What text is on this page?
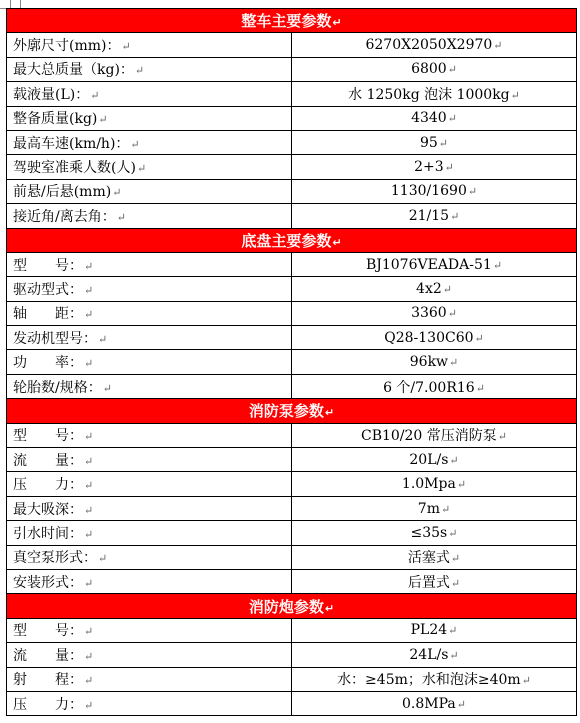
整车主要参数↵	
外廓尺寸(mm)：↵	6270X2050X2970↵
最大总质量（kg)：↵	6800↵
载液量(L)：↵	水 1250kg 泡沫 1000kg↵
整备质量(kg)↵	4340↵
最高车速(km/h)：↵	95↵
驾驶室准乘人数(人)↵	2+3↵
前悬/后悬(mm)↵	1130/1690↵
接近角/离去角：↵	21/15↵
底盘主要参数↵	
型　　号：↵	BJ1076VEADA-51↵
驱动型式：↵	4x2↵
轴　　距：↵	3360↵
发动机型号：↵	Q28-130C60↵
功　　率：↵	96kw↵
轮胎数/规格：↵	6 个/7.00R16↵
消防泵参数↵	
型　　号：↵	CB10/20 常压消防泵↵
流　　量：↵	20L/s↵
压　　力：↵	1.0Mpa↵
最大吸深：↵	7m↵
引水时间：↵	≤35s↵
真空泵形式：↵	活塞式↵
安装形式：↵	后置式↵
消防炮参数↵	
型　　号：↵	PL24↵
流　　量：↵	24L/s↵
射　　程：↵	水：≥45m；水和泡沫≥40m↵
压　　力：↵	0.8MPa↵
